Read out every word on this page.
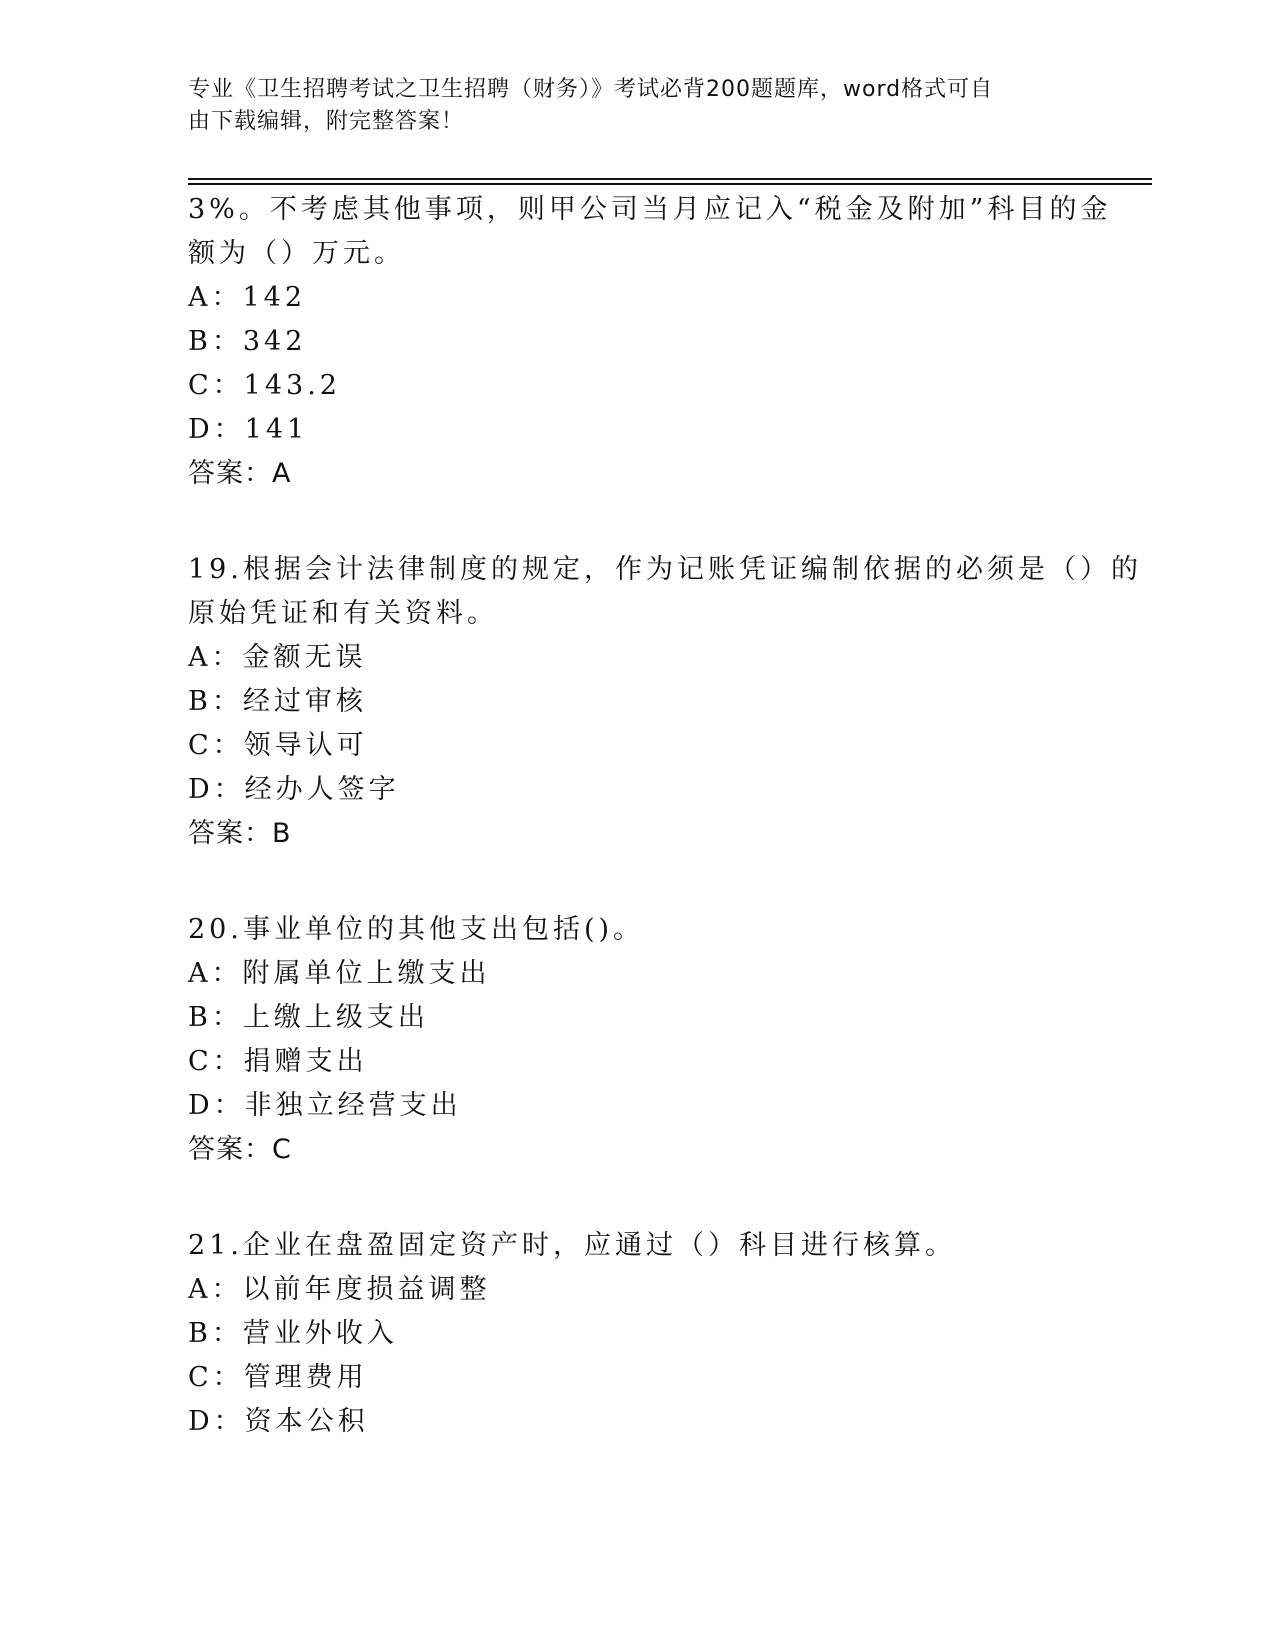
专业《卫生招聘考试之卫生招聘（财务）》考试必背200题题库，word格式可自
由下载编辑，附完整答案！
3%。不考虑其他事项，则甲公司当月应记入“税金及附加”科目的金
额为（）万元。
A：142
B：342
C：143.2
D：141
答案：A
19.根据会计法律制度的规定，作为记账凭证编制依据的必须是（）的
原始凭证和有关资料。
A：金额无误
B：经过审核
C：领导认可
D：经办人签字
答案：B
20.事业单位的其他支出包括()。
A：附属单位上缴支出
B：上缴上级支出
C：捐赠支出
D：非独立经营支出
答案：C
21.企业在盘盈固定资产时，应通过（）科目进行核算。
A：以前年度损益调整
B：营业外收入
C：管理费用
D：资本公积
